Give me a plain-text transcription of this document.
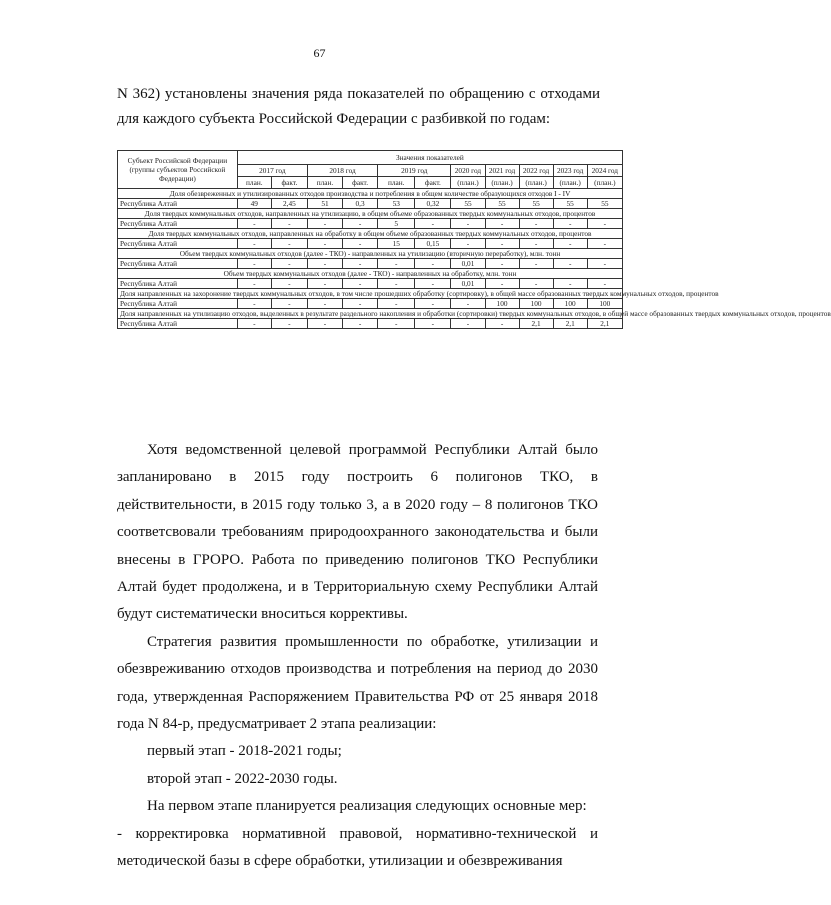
67

N 362) установлены значения ряда показателей по обращению с отходами для каждого субъекта Российской Федерации с разбивкой по годам:

Субъект Российской Федерации (группы субъектов Российской Федерации)	Значения показателей										
	2017 год		2018 год		2019 год		2020 год	2021 год	2022 год	2023 год	2024 год
	план.	факт.	план.	факт.	план.	факт.	(план.)	(план.)	(план.)	(план.)	(план.)
Доля обезвреженных и утилизированных отходов производства и потребления в общем количестве образующихся отходов I - IV											
Республика Алтай	49	2,45	51	0,3	53	0,32	55	55	55	55	55
Доля твердых коммунальных отходов, направленных на утилизацию, в общем объеме образованных твердых коммунальных отходов, процентов											
Республика Алтай	-	-	-	-	5	-	-	-	-	-	-
Доля твердых коммунальных отходов, направленных на обработку в общем объеме образованных твердых коммунальных отходов, процентов											
Республика Алтай	-	-	-	-	15	0,15	-	-	-	-	-
Объем твердых коммунальных отходов (далее - ТКО) - направленных на утилизацию (вторичную переработку), млн. тонн											
Республика Алтай	-	-	-	-	-	-	0,01	-	-	-	-
Объем твердых коммунальных отходов (далее - ТКО) - направленных на обработку, млн. тонн											
Республика Алтай	-	-	-	-	-	-	0,01	-	-	-	-
Доля направленных на захоронение твердых коммунальных отходов, в том числе прошедших обработку (сортировку), в общей массе образованных твердых коммунальных отходов, процентов											
Республика Алтай	-	-	-	-	-	-	-	100	100	100	100
Доля направленных на утилизацию отходов, выделенных в результате раздельного накопления и обработки (сортировки) твердых коммунальных отходов, в общей массе образованных твердых коммунальных отходов, процентов											
Республика Алтай	-	-	-	-	-	-	-	-	2,1	2,1	2,1

Хотя ведомственной целевой программой Республики Алтай было запланировано в 2015 году построить 6 полигонов ТКО, в действительности, в 2015 году только 3, а в 2020 году – 8 полигонов ТКО соответсвовали требованиям природоохранного законодательства и были внесены в ГРОРО. Работа по приведению полигонов ТКО Республики Алтай будет продолжена, и в Территориальную схему Республики Алтай будут систематически вноситься коррективы.

Стратегия развития промышленности по обработке, утилизации и обезвреживанию отходов производства и потребления на период до 2030 года, утвержденная Распоряжением Правительства РФ от 25 января 2018 года N 84-р, предусматривает 2 этапа реализации:

первый этап - 2018-2021 годы;

второй этап - 2022-2030 годы.

На первом этапе планируется реализация следующих основные мер:

- корректировка нормативной правовой, нормативно-технической и методической базы в сфере обработки, утилизации и обезвреживания
